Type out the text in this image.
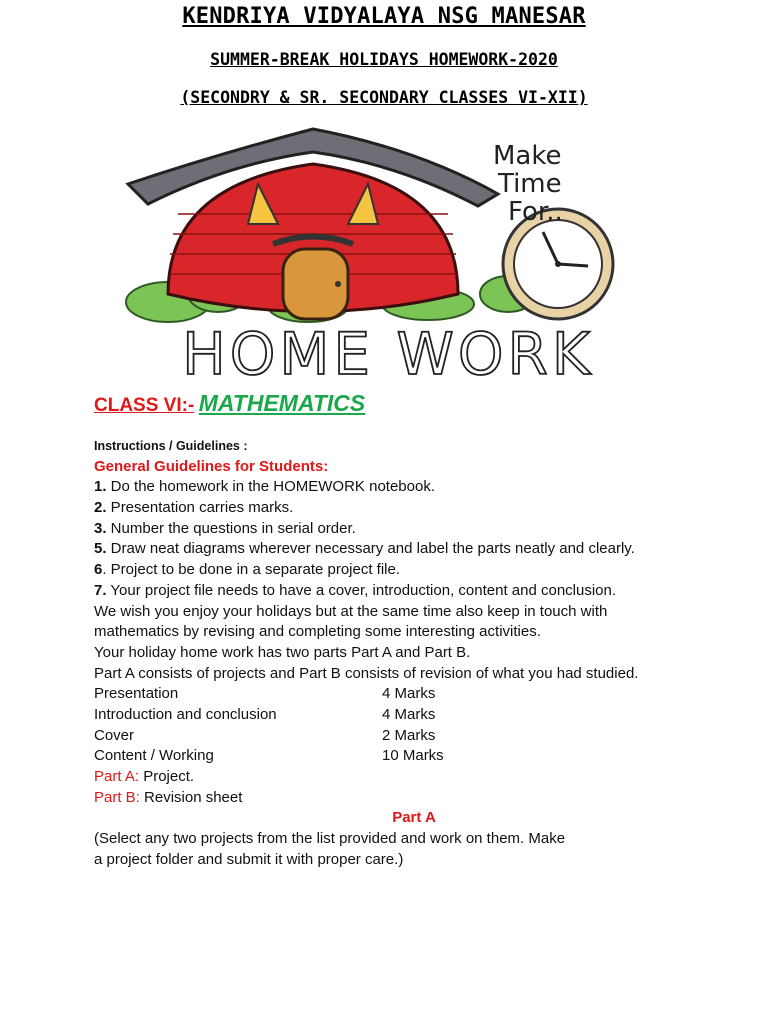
KENDRIYA VIDYALAYA NSG MANESAR
SUMMER-BREAK HOLIDAYS HOMEWORK-2020
(SECONDRY & SR. SECONDARY CLASSES VI-XII)
Make
Time
For..
HOME WORK
CLASS VI:- MATHEMATICS
Instructions / Guidelines :
General Guidelines for Students:
1. Do the homework in the HOMEWORK notebook.
2. Presentation carries marks.
3. Number the questions in serial order.
5. Draw neat diagrams wherever necessary and label the parts neatly and clearly.
6. Project to be done in a separate project file.
7. Your project file needs to have a cover, introduction, content and conclusion.
We wish you enjoy your holidays but at the same time also keep in touch with
mathematics by revising and completing some interesting activities.
Your holiday home work has two parts Part A and Part B.
Part A consists of projects and Part B consists of revision of what you had studied.
Presentation	4 Marks
Introduction and conclusion	4 Marks
Cover	2 Marks
Content / Working	10 Marks
Part A: Project.
Part B: Revision sheet
Part A
(Select any two projects from the list provided and work on them. Make
a project folder and submit it with proper care.)
